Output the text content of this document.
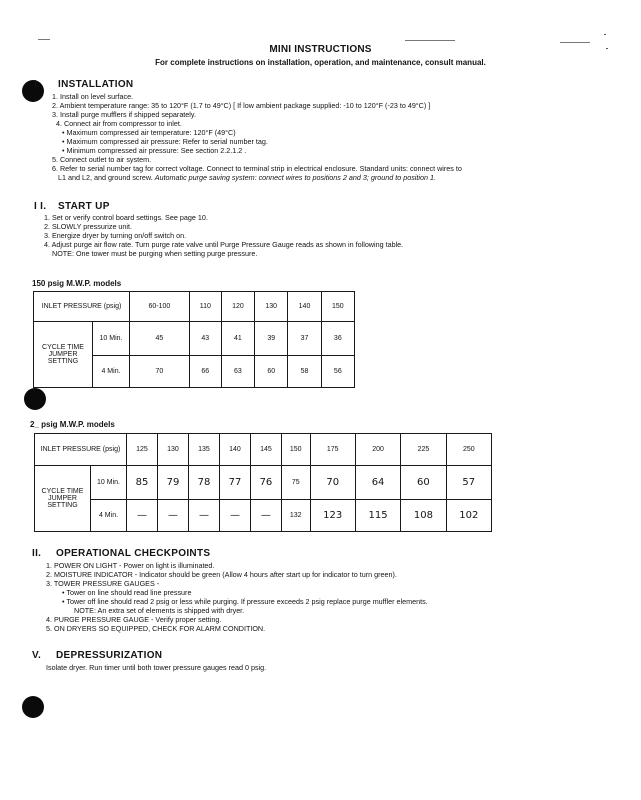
MINI INSTRUCTIONS
For complete instructions on installation, operation, and maintenance, consult manual.
I. INSTALLATION
1. Install on level surface.
2. Ambient temperature range: 35 to 120°F (1.7 to 49°C) [ If low ambient package supplied: -10 to 120°F (-23 to 49°C) ]
3. Install purge mufflers if shipped separately.
4. Connect air from compressor to inlet.
• Maximum compressed air temperature: 120°F (49°C)
• Maximum compressed air pressure: Refer to serial number tag.
• Minimum compressed air pressure: See section 2.2.1.2 .
5. Connect outlet to air system.
6. Refer to serial number tag for correct voltage. Connect to terminal strip in electrical enclosure. Standard units: connect wires to
L1 and L2, and ground screw. Automatic purge saving system: connect wires to positions 2 and 3; ground to position 1.
I I. START UP
1. Set or verify control board settings. See page 10.
2. SLOWLY pressurize unit.
3. Energize dryer by turning on/off switch on.
4. Adjust purge air flow rate. Turn purge rate valve until Purge Pressure Gauge reads as shown in following table.
NOTE: One tower must be purging when setting purge pressure.
150 psig M.W.P. models
INLET PRESSURE (psig)		60-100	110	120	130	140	150
CYCLE TIME JUMPER SETTING	10 Min.	45	43	41	39	37	36
	4 Min.	70	66	63	60	58	56
2_ psig M.W.P. models
INLET PRESSURE (psig)		125	130	135	140	145	150	175	200	225	250
CYCLE TIME JUMPER SETTING	10 Min.	85	79	78	77	76	75	70	64	60	57
	4 Min.	—	—	—	—	—	132	123	115	108	102
II. OPERATIONAL CHECKPOINTS
1. POWER ON LIGHT - Power on light is illuminated.
2. MOISTURE INDICATOR - Indicator should be green (Allow 4 hours after start up for indicator to turn green).
3. TOWER PRESSURE GAUGES -
• Tower on line should read line pressure
• Tower off line should read 2 psig or less while purging. If pressure exceeds 2 psig replace purge muffler elements.
NOTE: An extra set of elements is shipped with dryer.
4. PURGE PRESSURE GAUGE - Verify proper setting.
5. ON DRYERS SO EQUIPPED, CHECK FOR ALARM CONDITION.
V. DEPRESSURIZATION
Isolate dryer. Run timer until both tower pressure gauges read 0 psig.
